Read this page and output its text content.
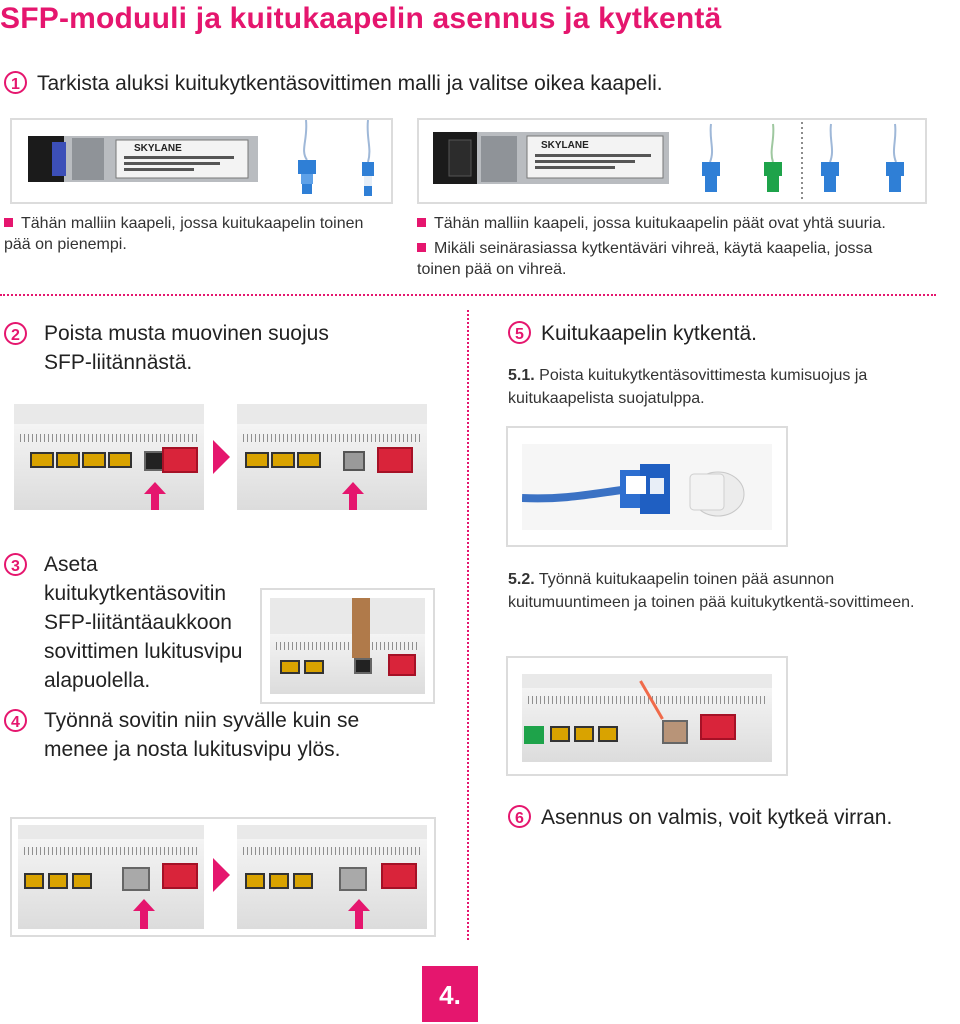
SFP-moduuli ja kuitukaapelin asennus ja kytkentä
1 Tarkista aluksi kuitukytkentäsovittimen malli ja valitse oikea kaapeli.
SKYLANE	SKYLANE
Tähän malliin kaapeli, jossa kuitukaapelin toinen pää on pienempi.
Tähän malliin kaapeli, jossa kuitukaapelin päät ovat yhtä suuria.
Mikäli seinärasiassa kytkentäväri vihreä, käytä kaapelia, jossa toinen pää on vihreä.
2	Poista musta muovinen suojus SFP-liitännästä.
3	Aseta kuitukytkentäsovitin SFP-liitäntäaukkoon sovittimen lukitusvipu alapuolella.
4	Työnnä sovitin niin syvälle kuin se menee ja nosta lukitusvipu ylös.
5 Kuitukaapelin kytkentä.
5.1. Poista kuitukytkentäsovittimesta kumisuojus ja kuitukaapelista suojatulppa.
5.2. Työnnä kuitukaapelin toinen pää asunnon kuitumuuntimeen ja toinen pää kuitukytkentä-sovittimeen.
6 Asennus on valmis, voit kytkeä virran.
4.
